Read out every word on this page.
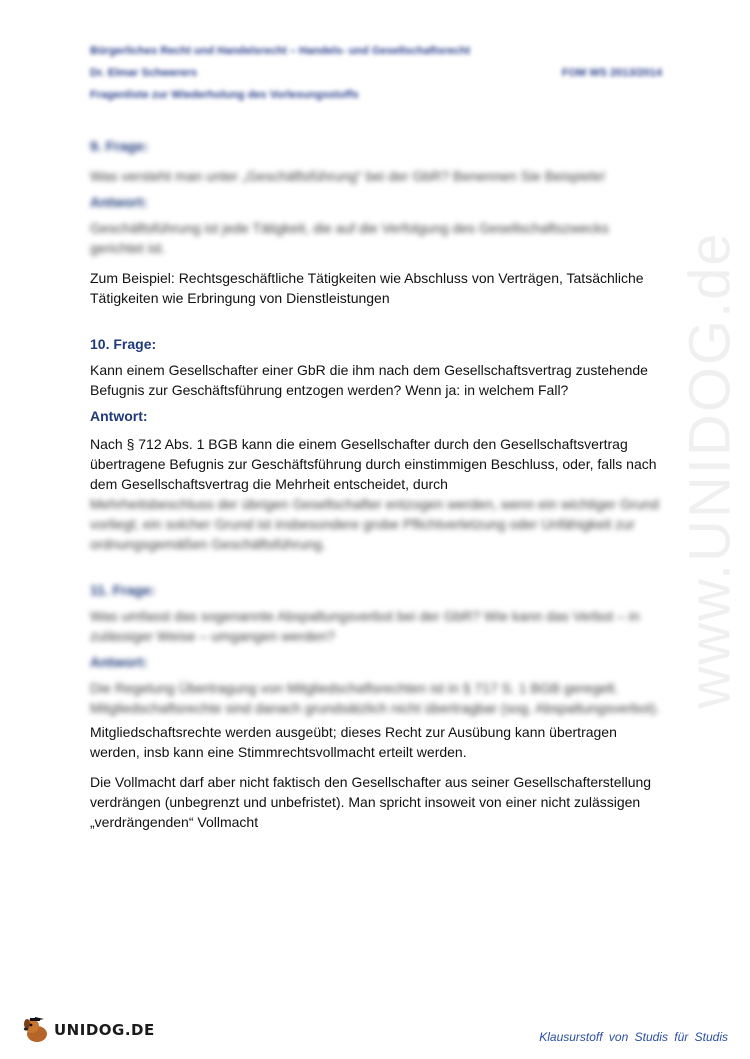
Bürgerliches Recht und Handelsrecht – Handels- und Gesellschaftsrecht
Dr. Elmar Schwerers	FOM WS 2013/2014
Fragenliste zur Wiederholung des Vorlesungsstoffs
www.UNIDOG.de
9. Frage:
Was versteht man unter „Geschäftsführung“ bei der GbR? Benennen Sie Beispiele!
Antwort:
Geschäftsführung ist jede Tätigkeit, die auf die Verfolgung des Gesellschaftszwecks gerichtet ist.
Zum Beispiel: Rechtsgeschäftliche Tätigkeiten wie Abschluss von Verträgen, Tatsächliche Tätigkeiten wie Erbringung von Dienstleistungen
10. Frage:
Kann einem Gesellschafter einer GbR die ihm nach dem Gesellschaftsvertrag zustehende Befugnis zur Geschäftsführung entzogen werden? Wenn ja: in welchem Fall?
Antwort:
Nach § 712 Abs. 1 BGB kann die einem Gesellschafter durch den Gesellschaftsvertrag übertragene Befugnis zur Geschäftsführung durch einstimmigen Beschluss, oder, falls nach dem Gesellschaftsvertrag die Mehrheit entscheidet, durch
Mehrheitsbeschluss der übrigen Gesellschafter entzogen werden, wenn ein wichtiger Grund vorliegt; ein solcher Grund ist insbesondere grobe Pflichtverletzung oder Unfähigkeit zur ordnungsgemäßen Geschäftsführung.
11. Frage:
Was umfasst das sogenannte Abspaltungsverbot bei der GbR? Wie kann das Verbot – in zulässiger Weise – umgangen werden?
Antwort:
Die Regelung Übertragung von Mitgliedschaftsrechten ist in § 717 S. 1 BGB geregelt. Mitgliedschaftsrechte sind danach grundsätzlich nicht übertragbar (sog. Abspaltungsverbot).
Mitgliedschaftsrechte werden ausgeübt; dieses Recht zur Ausübung kann übertragen werden, insb kann eine Stimmrechtsvollmacht erteilt werden.
Die Vollmacht darf aber nicht faktisch den Gesellschafter aus seiner Gesellschafterstellung verdrängen (unbegrenzt und unbefristet). Man spricht insoweit von einer nicht zulässigen „verdrängenden“ Vollmacht
UNIDOG.DE	Klausurstoff von Studis für Studis
